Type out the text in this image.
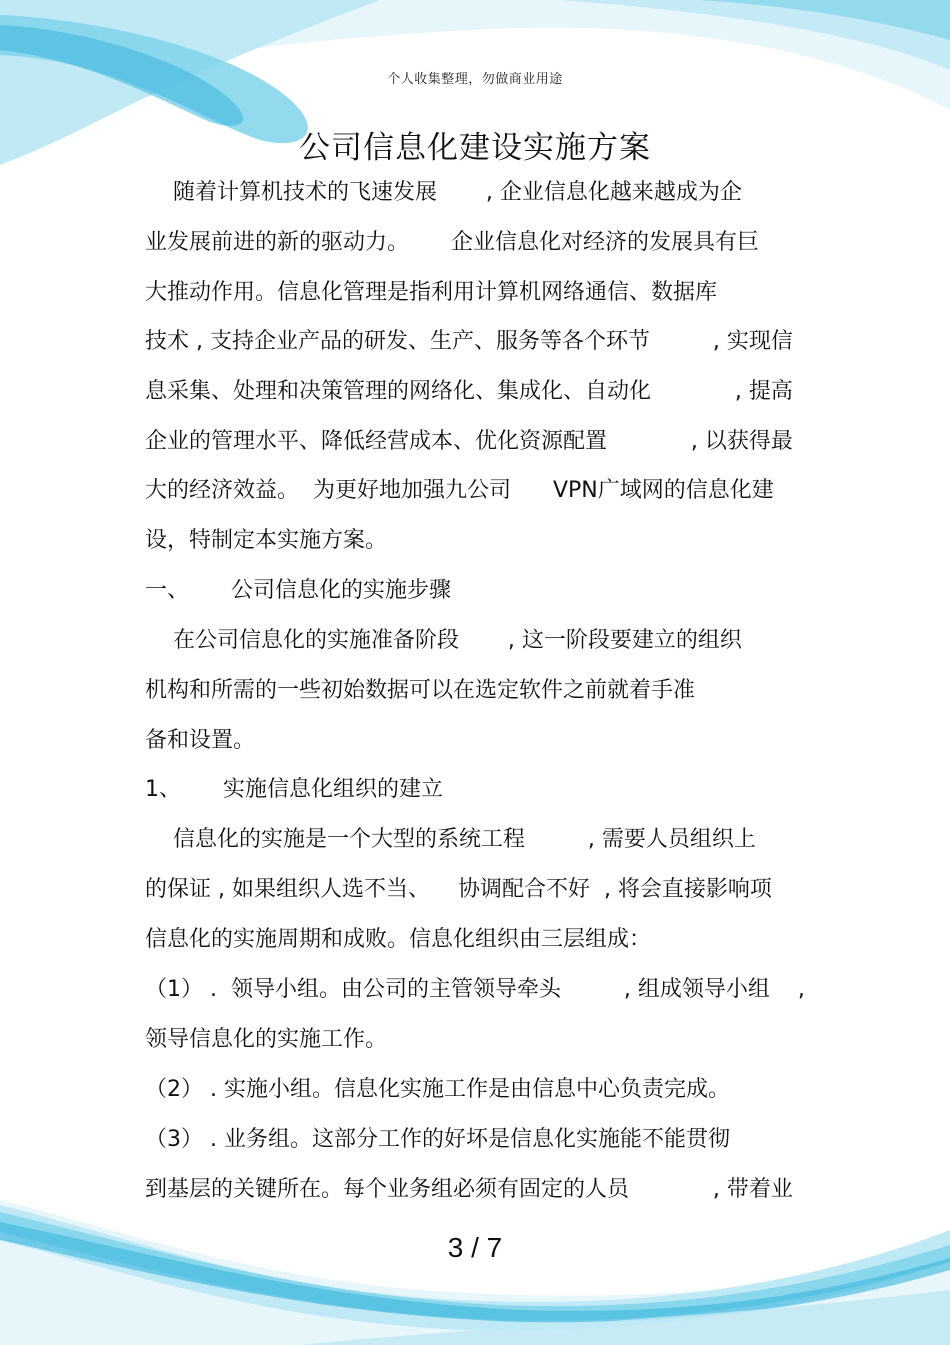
个人收集整理，勿做商业用途
公司信息化建设实施方案
随着计算机技术的飞速发展       , 企业信息化越来越成为企
业发展前进的新的驱动力。      企业信息化对经济的发展具有巨
大推动作用。信息化管理是指利用计算机网络通信、数据库
技术 , 支持企业产品的研发、生产、服务等各个环节         , 实现信
息采集、处理和决策管理的网络化、集成化、自动化            , 提高
企业的管理水平、降低经营成本、优化资源配置            , 以获得最
大的经济效益。  为更好地加强九公司      VPN广域网的信息化建
设，特制定本实施方案。
一、      公司信息化的实施步骤
在公司信息化的实施准备阶段       , 这一阶段要建立的组织
机构和所需的一些初始数据可以在选定软件之前就着手准
备和设置。
1、      实施信息化组织的建立
信息化的实施是一个大型的系统工程         , 需要人员组织上
的保证 , 如果组织人选不当、    协调配合不好  , 将会直接影响项
信息化的实施周期和成败。信息化组织由三层组成：
（1） .  领导小组。由公司的主管领导牵头         , 组成领导小组    ,
领导信息化的实施工作。
（2） . 实施小组。信息化实施工作是由信息中心负责完成。
（3） . 业务组。这部分工作的好坏是信息化实施能不能贯彻
到基层的关键所在。每个业务组必须有固定的人员            , 带着业
3 / 7
